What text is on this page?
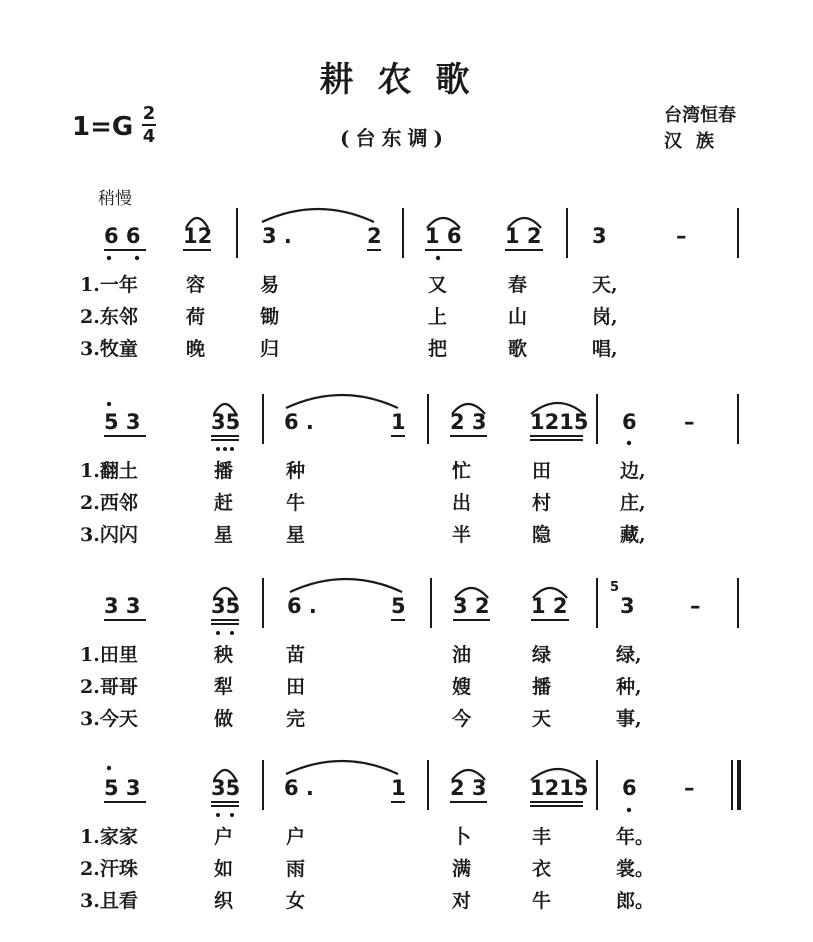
耕农歌
1=G 2
4	(台东调)
台湾恒春
汉族
稍慢
6 6 12 3 .	2 1 6 1 2 3	–
1.一年	容	易	又	春	天,
2.东邻	荷	锄	上	山	岗,
3.牧童	晚	归	把	歌	唱,
5 3	35 6 .	1 2 3 1215 6 –
1.翻土	播	种	忙	田	边,
2.西邻	赶	牛	出	村	庄,
3.闪闪	星	星	半	隐	藏,
3 3	35 6 .	5 3 2 1 2
5
3	–
1.田里	秧	苗	油	绿	绿,
2.哥哥	犁	田	嫂	播	种,
3.今天	做	完	今	天	事,
5 3	35 6 .	1 2 3 1215 6 –
1.家家	户	户	卜	丰	年。
2.汗珠	如	雨	满	衣	裳。
3.且看	织	女	对	牛	郎。
